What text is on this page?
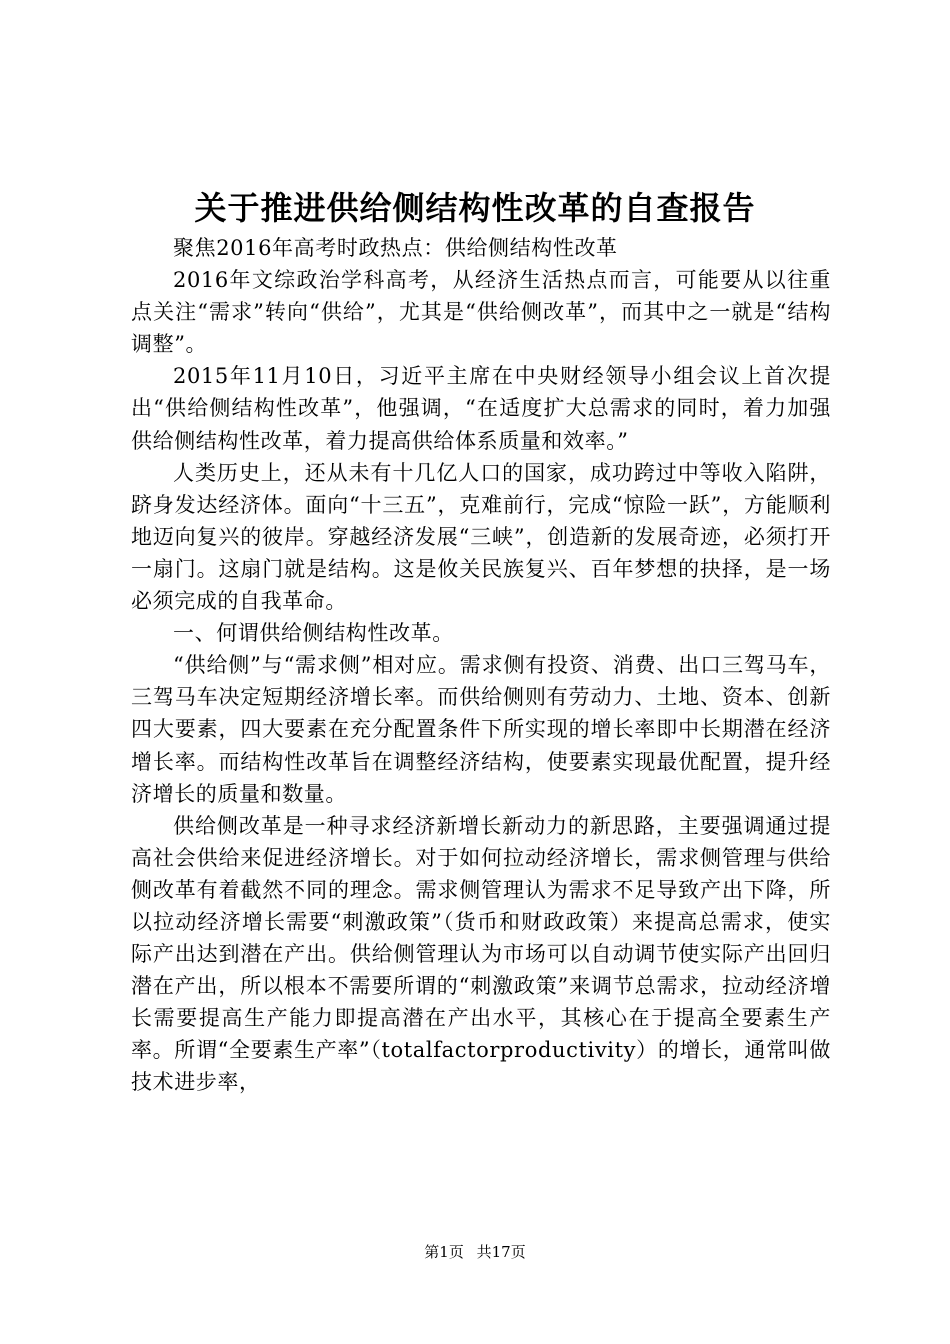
关于推进供给侧结构性改革的自查报告

聚焦2016年高考时政热点：供给侧结构性改革

2016年文综政治学科高考，从经济生活热点而言，可能要从以往重点关注“需求”转向“供给”，尤其是“供给侧改革”，而其中之一就是“结构调整”。

2015年11月10日，习近平主席在中央财经领导小组会议上首次提出“供给侧结构性改革”，他强调，“在适度扩大总需求的同时，着力加强供给侧结构性改革，着力提高供给体系质量和效率。”

人类历史上，还从未有十几亿人口的国家，成功跨过中等收入陷阱，跻身发达经济体。面向“十三五”，克难前行，完成“惊险一跃”，方能顺利地迈向复兴的彼岸。穿越经济发展“三峡”，创造新的发展奇迹，必须打开一扇门。这扇门就是结构。这是攸关民族复兴、百年梦想的抉择，是一场必须完成的自我革命。

一、何谓供给侧结构性改革。

“供给侧”与“需求侧”相对应。需求侧有投资、消费、出口三驾马车，三驾马车决定短期经济增长率。而供给侧则有劳动力、土地、资本、创新四大要素，四大要素在充分配置条件下所实现的增长率即中长期潜在经济增长率。而结构性改革旨在调整经济结构，使要素实现最优配置，提升经济增长的质量和数量。

供给侧改革是一种寻求经济新增长新动力的新思路，主要强调通过提高社会供给来促进经济增长。对于如何拉动经济增长，需求侧管理与供给侧改革有着截然不同的理念。需求侧管理认为需求不足导致产出下降，所以拉动经济增长需要“刺激政策”（货币和财政政策）来提高总需求，使实际产出达到潜在产出。供给侧管理认为市场可以自动调节使实际产出回归潜在产出，所以根本不需要所谓的“刺激政策”来调节总需求，拉动经济增长需要提高生产能力即提高潜在产出水平，其核心在于提高全要素生产率。所谓“全要素生产率”（totalfactorproductivity）的增长，通常叫做技术进步率，

第1页 共17页
